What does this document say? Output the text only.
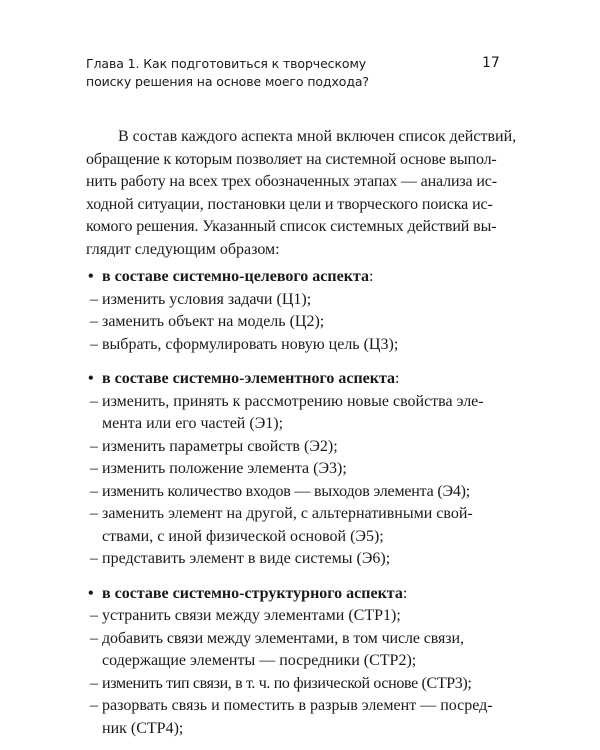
Глава 1. Как подготовиться к творческому
поиску решения на основе моего подхода?
17

В состав каждого аспекта мной включен список действий,
обращение к которым позволяет на системной основе выпол-
нить работу на всех трех обозначенных этапах — анализа ис-
ходной ситуации, постановки цели и творческого поиска ис-
комого решения. Указанный список системных действий вы-
глядит следующим образом:

• в составе системно-целевого аспекта:

– изменить условия задачи (Ц1);
– заменить объект на модель (Ц2);
– выбрать, сформулировать новую цель (Ц3);

• в составе системно-элементного аспекта:

– изменить, принять к рассмотрению новые свойства эле-
мента или его частей (Э1);
– изменить параметры свойств (Э2);
– изменить положение элемента (Э3);
– изменить количество входов — выходов элемента (Э4);
– заменить элемент на другой, с альтернативными свой-
ствами, с иной физической основой (Э5);
– представить элемент в виде системы (Э6);

• в составе системно-структурного аспекта:

– устранить связи между элементами (СТР1);
– добавить связи между элементами, в том числе связи,
содержащие элементы — посредники (СТР2);
– изменить тип связи, в т. ч. по физической основе (СТР3);
– разорвать связь и поместить в разрыв элемент — посред-
ник (СТР4);
